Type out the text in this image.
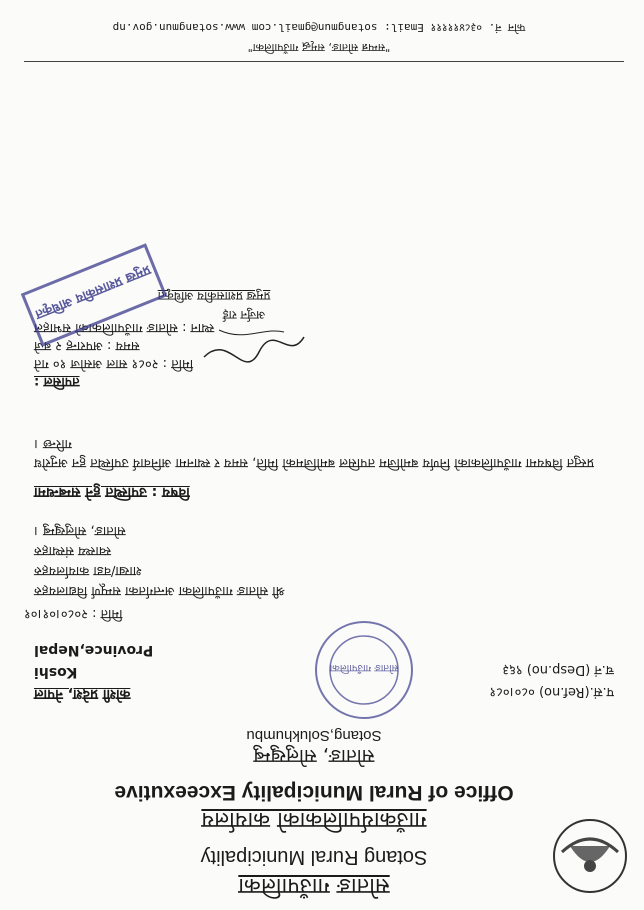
सोताङ गाउँपालिका
Sotang Rural Municipality
गाउँकार्यपालिकाको कार्यालय
Office of Rural Municipality Exceexutive
सोताङ, सोलुखुम्बु
Sotang,Solukhumbu
प.सं.(Ref.no) ०८०।०८१
च.नं (Desp.no) ९६३
कोशी प्रदेश, नेपाल
Koshi Province,Nepal
मिति : २०८०।०१।०१
सोताङ गाउँपालिका
श्री सोताङ गाउँपालिका अन्तर्गतका सम्पूर्ण विद्यालयहरु
शाखा/वडा कार्यालयहरु
स्वास्थ्य संस्थाहरु
सोताङ, सोलुखुम्बु ।
विषय : उपस्थित हुने सम्बन्धमा
प्रस्तुत विषयमा गाउँपालिकाको निर्णय बमोजिम तपसिल बमोजिमको मिति, समय र स्थानमा अनिवार्य उपस्थित हुन अनुरोध गरिन्छ ।
तपसिल :
मिति : २०८१ साल असोज १० गते
समय : अपरान्ह २ बजे
स्थान : सोताङ गाउँपालिकाको सभाहल
अर्जुन राई
प्रमुख प्रशासकीय अधिकृत
प्रमुख प्रशासकीय अधिकृत
"सम्पन्न सोताङ, समृद्ध गाउँपालिका"
फोन नं. ०३८४१११११ Email: sotangmun@gmail.com www.sotangmun.gov.np
